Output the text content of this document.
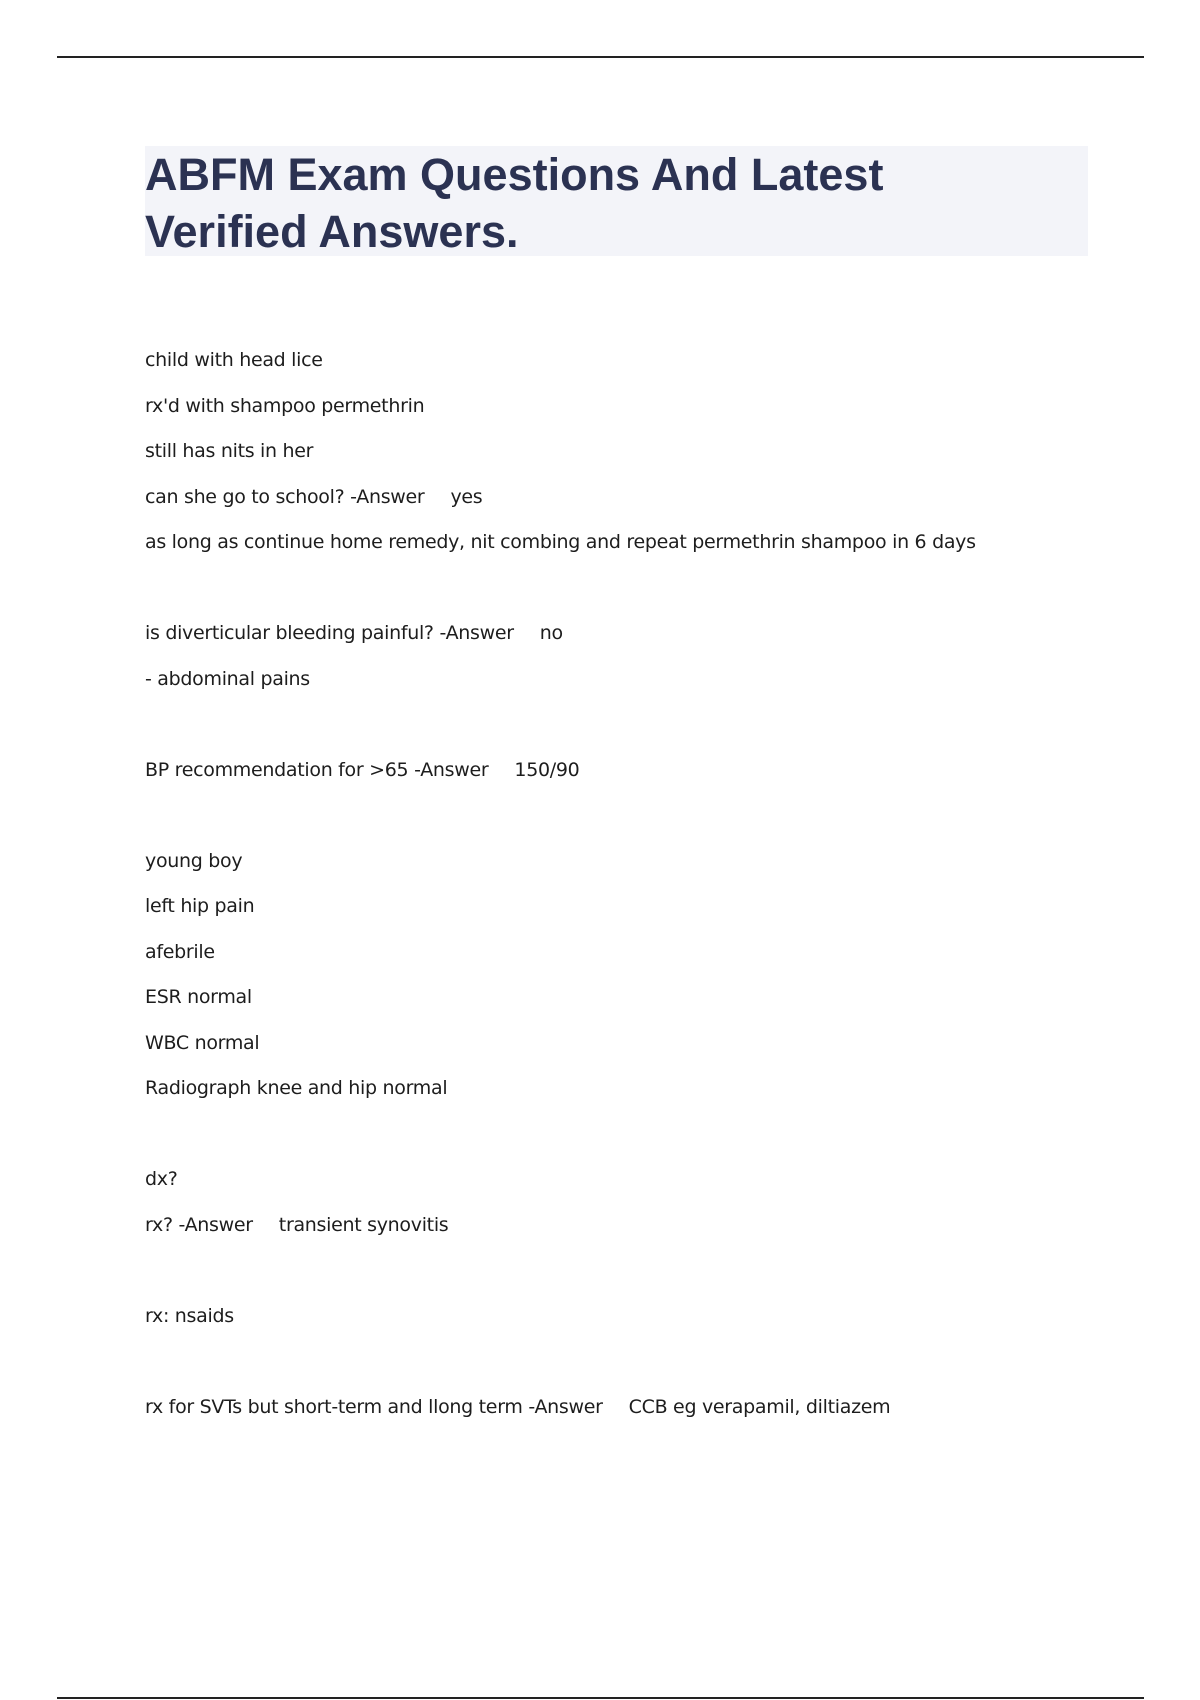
ABFM Exam Questions And Latest
Verified Answers.
child with head lice
rx'd with shampoo permethrin
still has nits in her
can she go to school? -Answer yes
as long as continue home remedy, nit combing and repeat permethrin shampoo in 6 days
is diverticular bleeding painful? -Answer no
- abdominal pains
BP recommendation for >65 -Answer 150/90
young boy
left hip pain
afebrile
ESR normal
WBC normal
Radiograph knee and hip normal
dx?
rx? -Answer transient synovitis
rx: nsaids
rx for SVTs but short-term and llong term -Answer CCB eg verapamil, diltiazem
